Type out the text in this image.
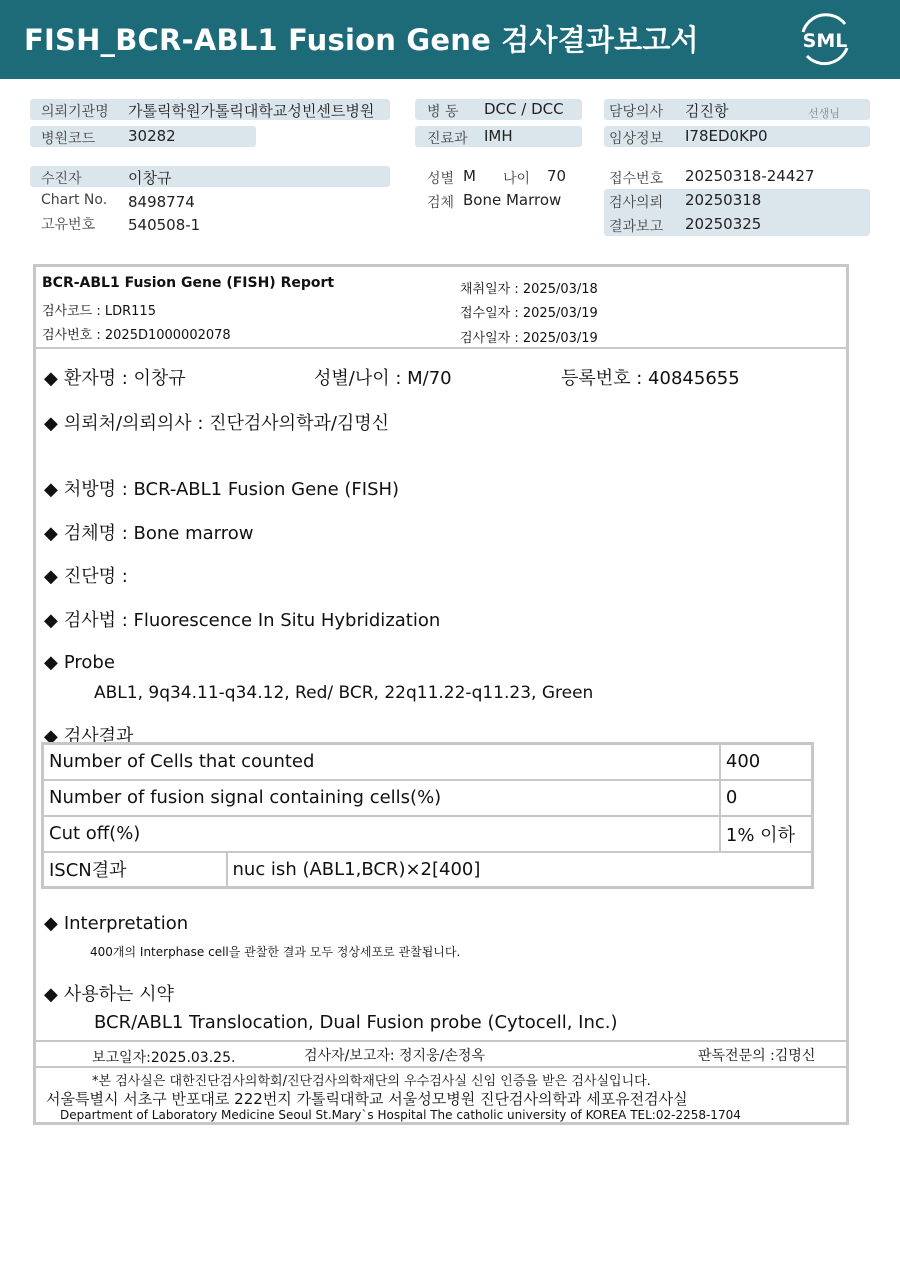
FISH_BCR-ABL1 Fusion Gene 검사결과보고서	SML
의뢰기관명 가톨릭학원가톨릭대학교성빈센트병원
병원코드 30282
수진자	이창규
Chart No. 8498774
고유번호 540508-1
병 동 DCC / DCC
진료과 IMH
성별 M 나이 70
검체 Bone Marrow
담당의사 김진항	선생님
임상정보 I78ED0KP0
접수번호 20250318-24427
검사의뢰 20250318
결과보고 20250325
BCR-ABL1 Fusion Gene (FISH) Report
검사코드 : LDR115
검사번호 : 2025D1000002078
채취일자 : 2025/03/18
접수일자 : 2025/03/19
검사일자 : 2025/03/19
◆ 환자명 : 이창규	성별/나이 : M/70	등록번호 : 40845655
◆ 의뢰처/의뢰의사 : 진단검사의학과/김명신
◆ 처방명 : BCR-ABL1 Fusion Gene (FISH)
◆ 검체명 : Bone marrow
◆ 진단명 :
◆ 검사법 : Fluorescence In Situ Hybridization
◆ Probe
ABL1, 9q34.11-q34.12, Red/ BCR, 22q11.22-q11.23, Green
◆ 검사결과
Number of Cells that counted		400
Number of fusion signal containing cells(%)		0
Cut off(%)		1% 이하
ISCN결과	nuc ish (ABL1,BCR)×2[400]	
◆ Interpretation
400개의 Interphase cell을 관찰한 결과 모두 정상세포로 관찰됩니다.
◆ 사용하는 시약
BCR/ABL1 Translocation, Dual Fusion probe (Cytocell, Inc.)
보고일자:2025.03.25.	검사자/보고자: 정지웅/손정옥	판독전문의 :김명신
*본 검사실은 대한진단검사의학회/진단검사의학재단의 우수검사실 신임 인증을 받은 검사실입니다.
서울특별시 서초구 반포대로 222번지 가톨릭대학교 서울성모병원 진단검사의학과 세포유전검사실
Department of Laboratory Medicine Seoul St.Mary`s Hospital The catholic university of KOREA TEL:02-2258-1704
